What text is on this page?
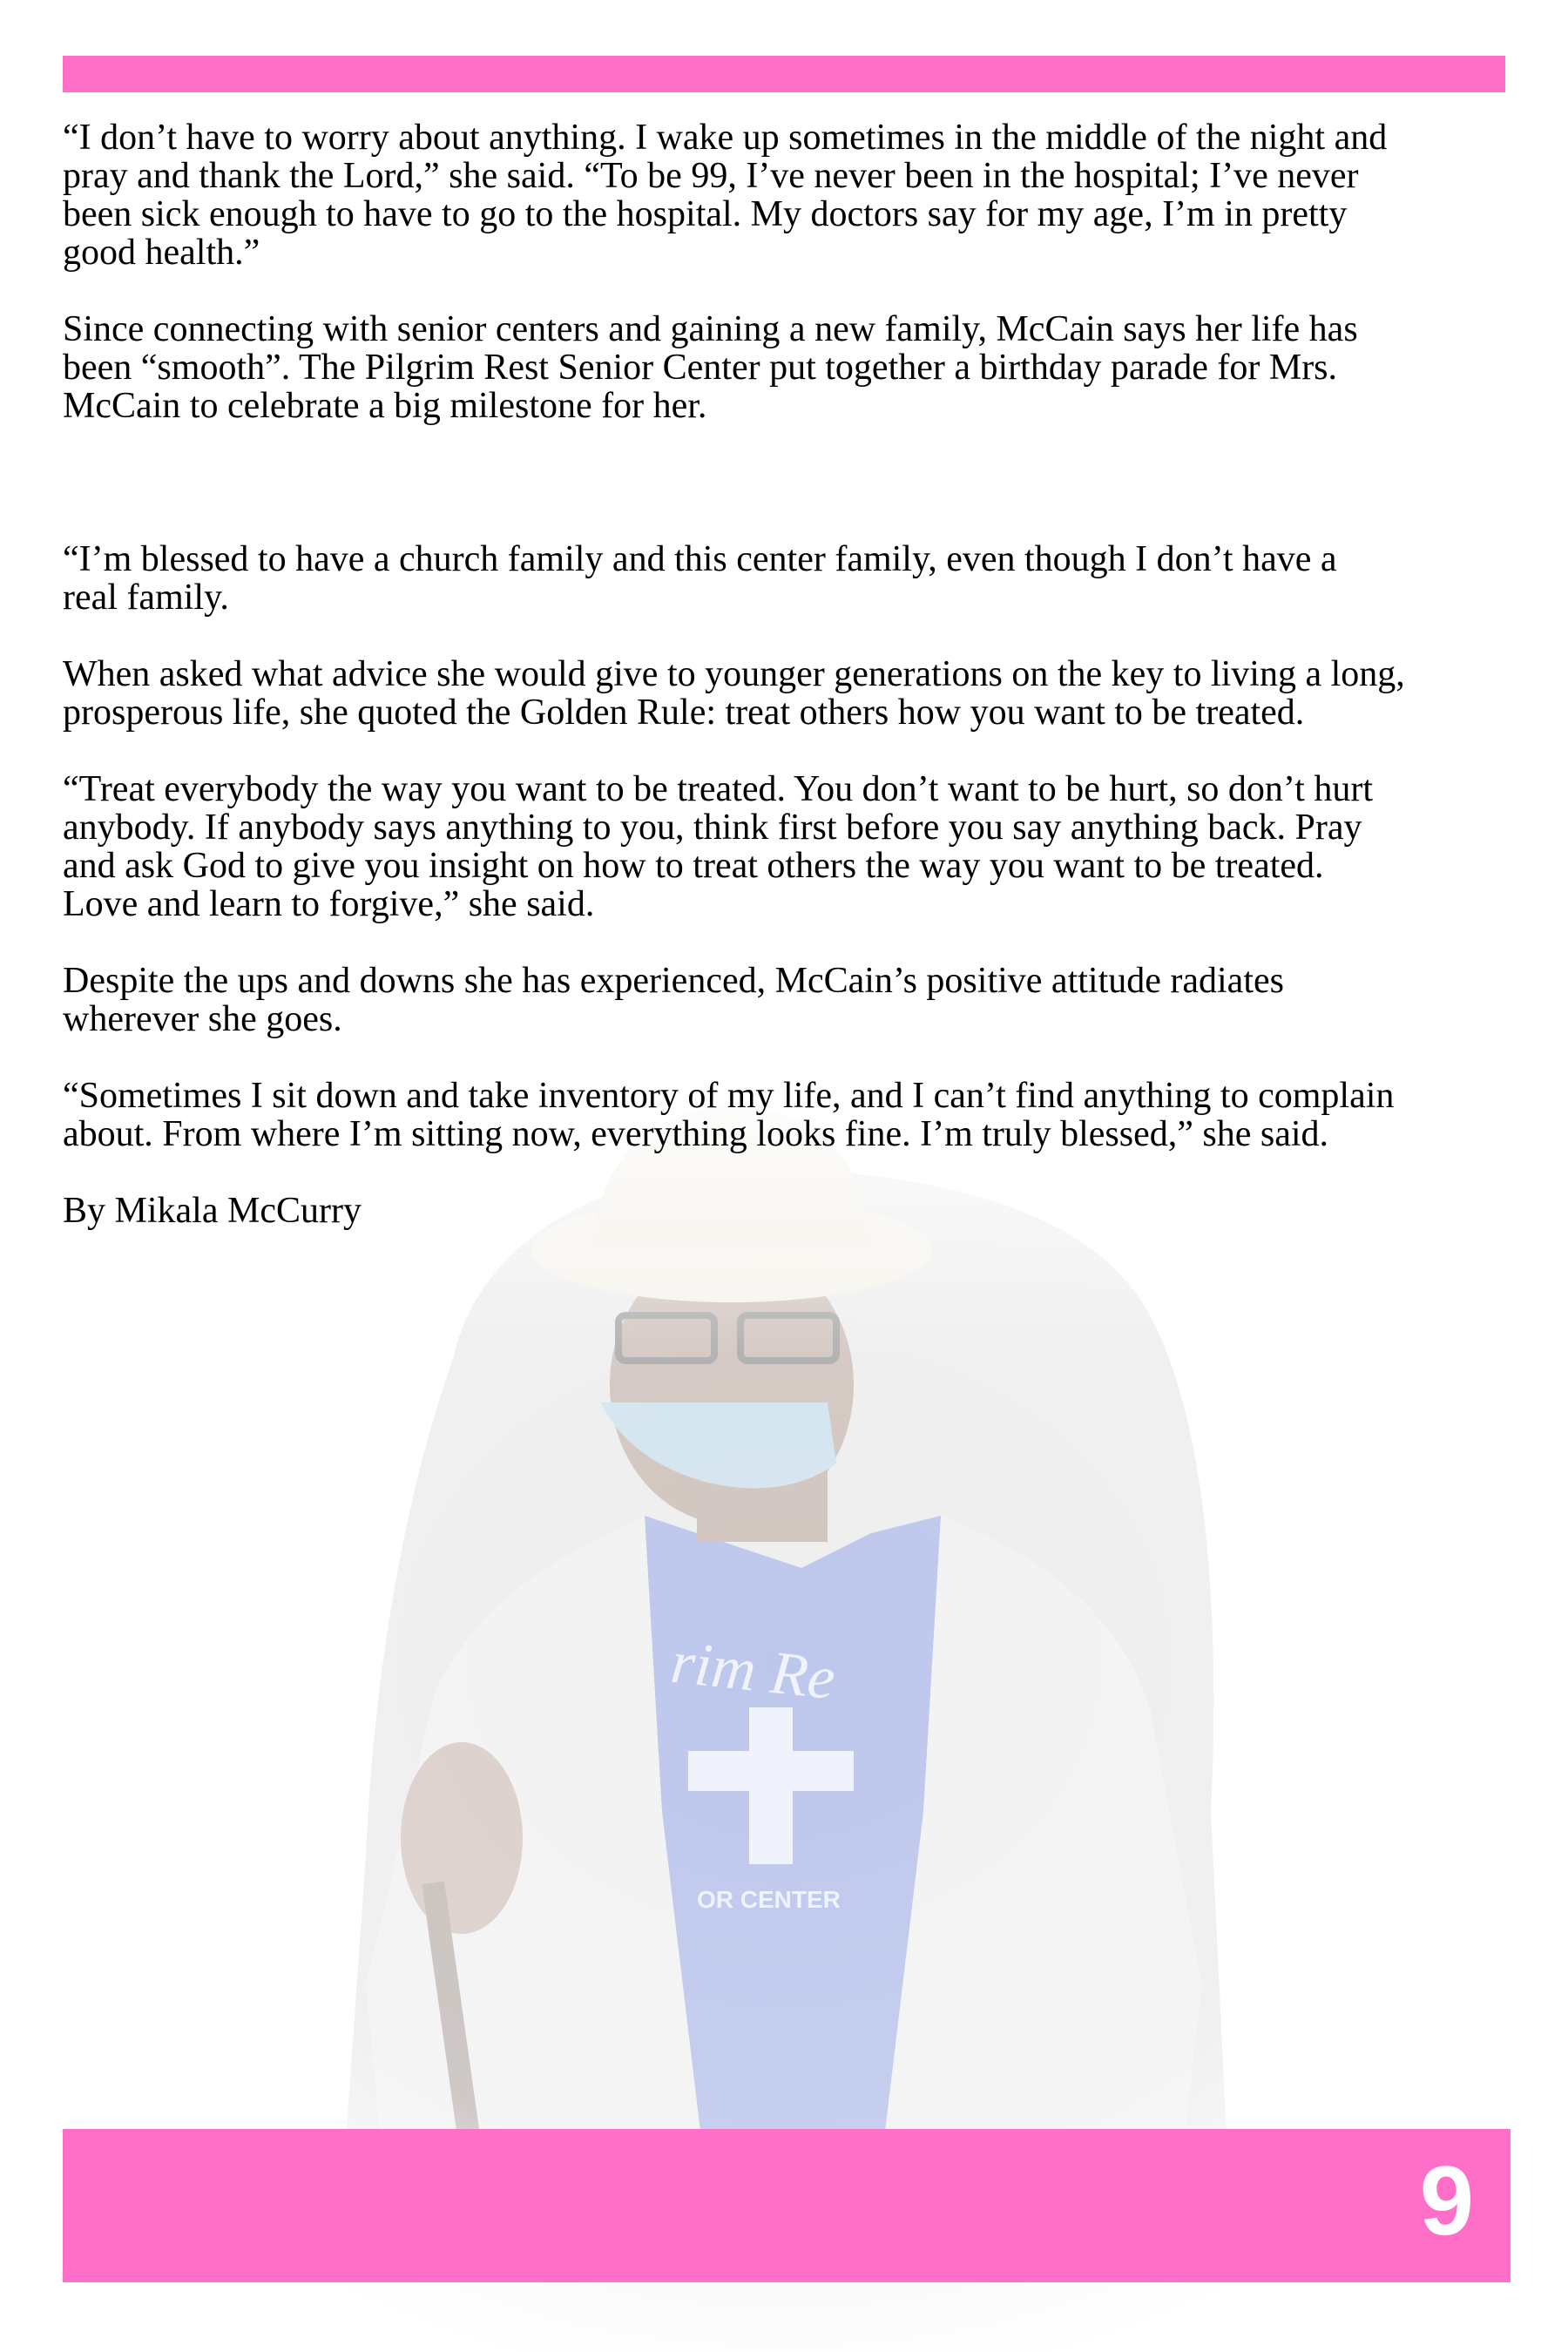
“I don’t have to worry about anything. I wake up sometimes in the middle of the night and
pray and thank the Lord,” she said. “To be 99, I’ve never been in the hospital; I’ve never
been sick enough to have to go to the hospital. My doctors say for my age, I’m in pretty
good health.”

Since connecting with senior centers and gaining a new family, McCain says her life has
been “smooth”. The Pilgrim Rest Senior Center put together a birthday parade for Mrs.
McCain to celebrate a big milestone for her.

“I’m blessed to have a church family and this center family, even though I don’t have a
real family.

When asked what advice she would give to younger generations on the key to living a long,
prosperous life, she quoted the Golden Rule: treat others how you want to be treated.

“Treat everybody the way you want to be treated. You don’t want to be hurt, so don’t hurt
anybody. If anybody says anything to you, think first before you say anything back. Pray
and ask God to give you insight on how to treat others the way you want to be treated.
Love and learn to forgive,” she said.

Despite the ups and downs she has experienced, McCain’s positive attitude radiates
wherever she goes.

“Sometimes I sit down and take inventory of my life, and I can’t find anything to complain
about. From where I’m sitting now, everything looks fine. I’m truly blessed,” she said.

By Mikala McCurry

9
